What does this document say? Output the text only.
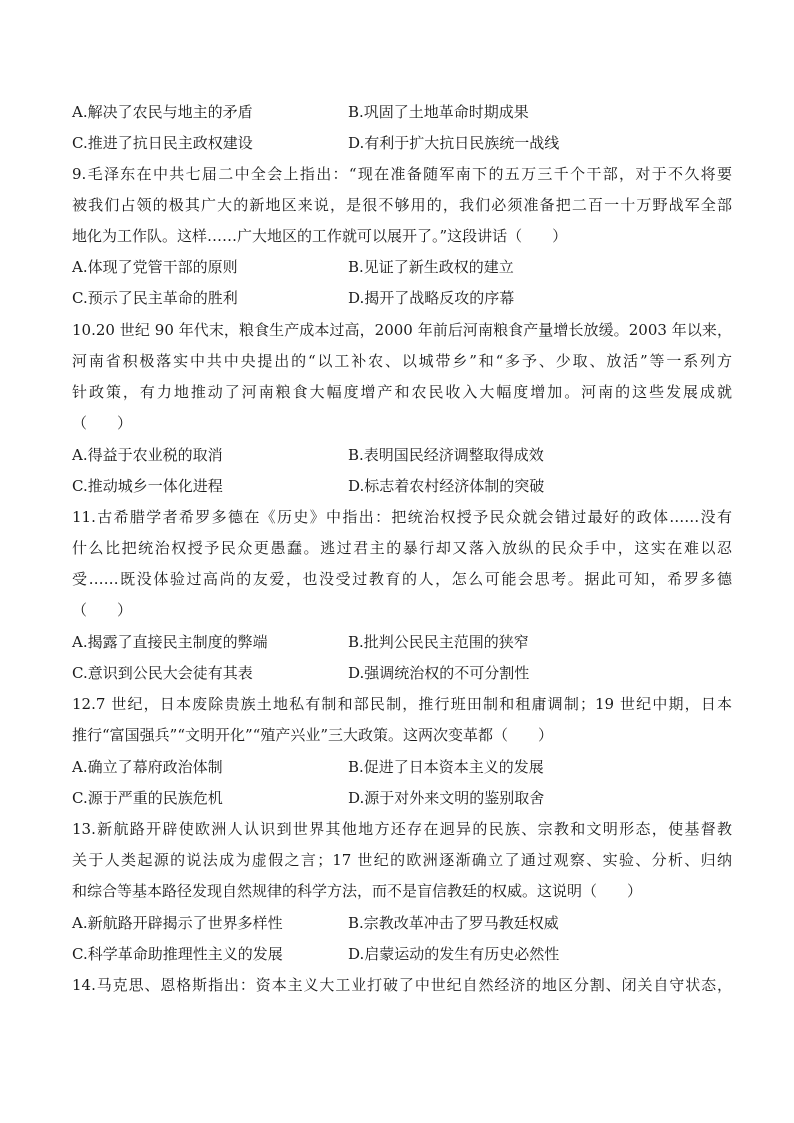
A.解决了农民与地主的矛盾	B.巩固了土地革命时期成果
C.推进了抗日民主政权建设	D.有利于扩大抗日民族统一战线
9.毛泽东在中共七届二中全会上指出：“现在准备随军南下的五万三千个干部，对于不久将要
被我们占领的极其广大的新地区来说，是很不够用的，我们必须准备把二百一十万野战军全部
地化为工作队。这样……广大地区的工作就可以展开了。”这段讲话（　　）
A.体现了党管干部的原则	B.见证了新生政权的建立
C.预示了民主革命的胜利	D.揭开了战略反攻的序幕
10.20 世纪 90 年代末，粮食生产成本过高，2000 年前后河南粮食产量增长放缓。2003 年以来，
河南省积极落实中共中央提出的“以工补农、以城带乡”和“多予、少取、放活”等一系列方
针政策，有力地推动了河南粮食大幅度增产和农民收入大幅度增加。河南的这些发展成就
（　　）
A.得益于农业税的取消	B.表明国民经济调整取得成效
C.推动城乡一体化进程	D.标志着农村经济体制的突破
11.古希腊学者希罗多德在《历史》中指出：把统治权授予民众就会错过最好的政体……没有
什么比把统治权授予民众更愚蠢。逃过君主的暴行却又落入放纵的民众手中，这实在难以忍
受……既没体验过高尚的友爱，也没受过教育的人，怎么可能会思考。据此可知，希罗多德
（　　）
A.揭露了直接民主制度的弊端	B.批判公民民主范围的狭窄
C.意识到公民大会徒有其表	D.强调统治权的不可分割性
12.7 世纪，日本废除贵族土地私有制和部民制，推行班田制和租庸调制；19 世纪中期，日本
推行“富国强兵”“文明开化”“殖产兴业”三大政策。这两次变革都（　　）
A.确立了幕府政治体制	B.促进了日本资本主义的发展
C.源于严重的民族危机	D.源于对外来文明的鉴别取舍
13.新航路开辟使欧洲人认识到世界其他地方还存在迥异的民族、宗教和文明形态，使基督教
关于人类起源的说法成为虚假之言；17 世纪的欧洲逐渐确立了通过观察、实验、分析、归纳
和综合等基本路径发现自然规律的科学方法，而不是盲信教廷的权威。这说明（　　）
A.新航路开辟揭示了世界多样性	B.宗教改革冲击了罗马教廷权威
C.科学革命助推理性主义的发展	D.启蒙运动的发生有历史必然性
14.马克思、恩格斯指出：资本主义大工业打破了中世纪自然经济的地区分割、闭关自守状态，
